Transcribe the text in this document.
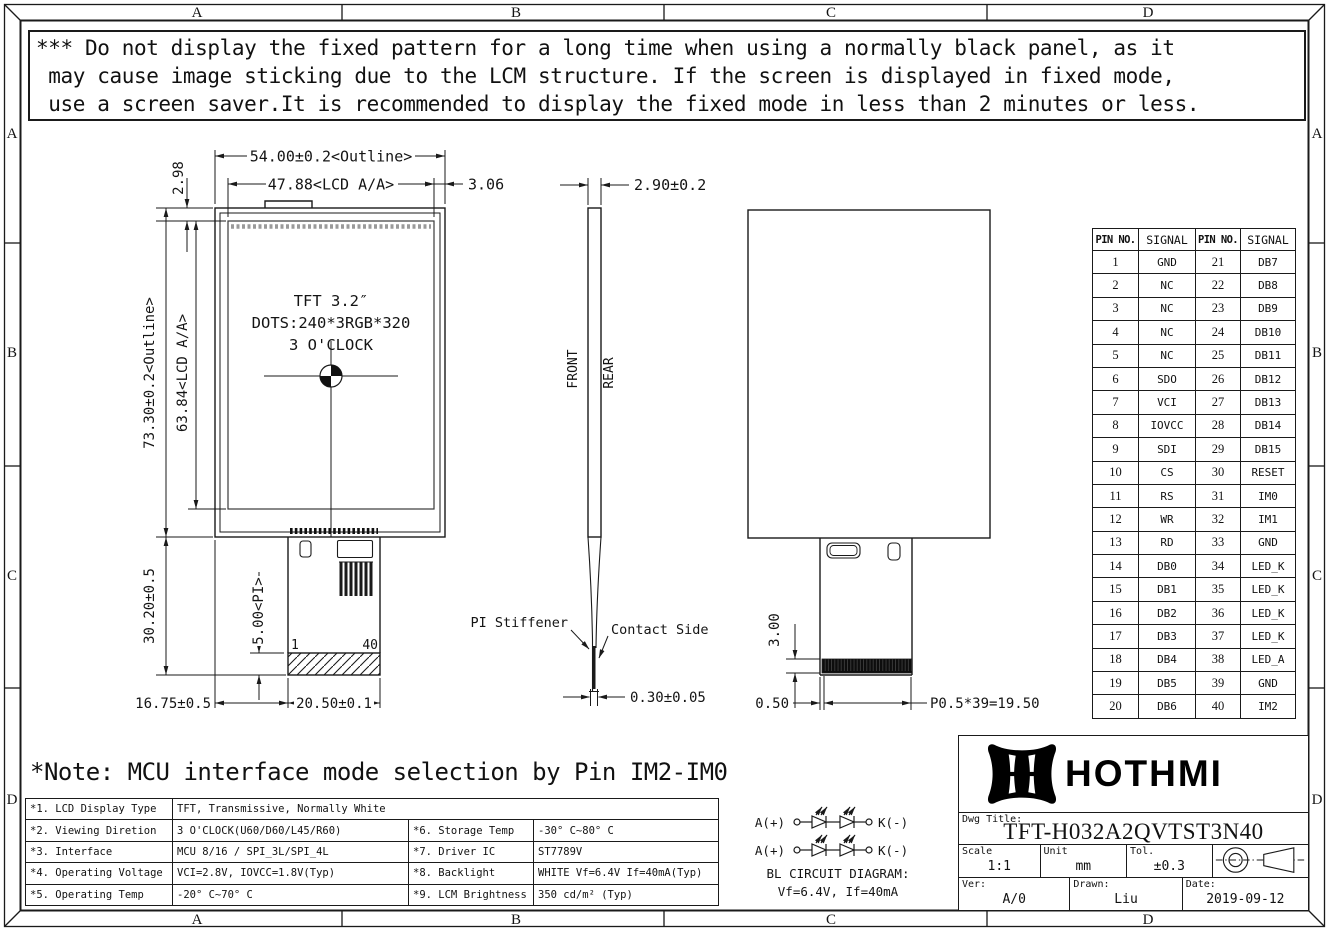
A	B	C	D
A	B	C	D
A
B
C
D
A
B
C
D
TFT 3.2″
DOTS:240*3RGB*320
3 O'CLOCK
1	40
54.00±0.2<Outline>
47.88<LCD A/A>	3.06
2.98
73.30±0.2<Outline> 63.84<LCD A/A>
30.20±0.5	5.00<PI>
16.75±0.5	20.50±0.1
FRONT REAR
2.90±0.2
PI Stiffener	Contact Side
0.30±0.05
3.00
0.50	P0.5*39=19.50
A(+)	K(-)
A(+)	K(-)
BL CIRCUIT DIAGRAM:
Vf=6.4V, If=40mA
*** Do not display the fixed pattern for a long time when using a normally black panel, as it
may cause image sticking due to the LCM structure. If the screen is displayed in fixed mode,
use a screen saver.It is recommended to display the fixed mode in less than 2 minutes or less.
*Note: MCU interface mode selection by Pin IM2-IM0
PIN NO.	SIGNAL	PIN NO.	SIGNAL
1	GND	21	DB7
2	NC	22	DB8
3	NC	23	DB9
4	NC	24	DB10
5	NC	25	DB11
6	SDO	26	DB12
7	VCI	27	DB13
8	IOVCC	28	DB14
9	SDI	29	DB15
10	CS	30	RESET
11	RS	31	IM0
12	WR	32	IM1
13	RD	33	GND
14	DB0	34	LED_K
15	DB1	35	LED_K
16	DB2	36	LED_K
17	DB3	37	LED_K
18	DB4	38	LED_A
19	DB5	39	GND
20	DB6	40	IM2
*1. LCD Display Type	TFT, Transmissive, Normally White		
*2. Viewing Diretion	3 O'CLOCK(U60/D60/L45/R60)	*6. Storage Temp	-30° C~80° C
*3. Interface	MCU 8/16 / SPI_3L/SPI_4L	*7. Driver IC	ST7789V
*4. Operating Voltage	VCI=2.8V, IOVCC=1.8V(Typ)	*8. Backlight	WHITE Vf=6.4V If=40mA(Typ)
*5. Operating Temp	-20° C~70° C	*9. LCM Brightness	350 cd/m² (Typ)
HOTHMI
Dwg Title:
TFT-H032A2QVTST3N40
Scale
1:1
Unit
mm
Tol.
±0.3
Ver:
A/0
Drawn:
Liu
Date:
2019-09-12
